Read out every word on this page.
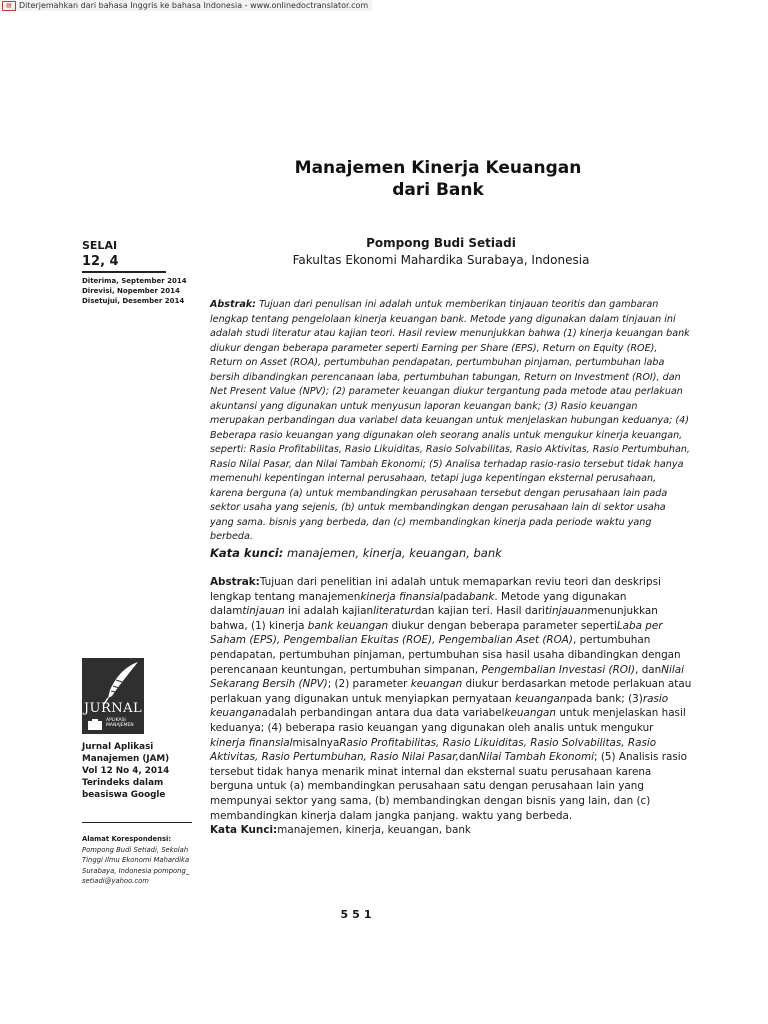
▤ Diterjemahkan dari bahasa Inggris ke bahasa Indonesia - www.onlinedoctranslator.com
Manajemen Kinerja Keuangan
dari Bank
Pompong Budi Setiadi
Fakultas Ekonomi Mahardika Surabaya, Indonesia
SELAI
12, 4
Diterima, September 2014
Direvisi, Nopember 2014
Disetujui, Desember 2014	Abstrak: Tujuan dari penulisan ini adalah untuk memberikan tinjauan teoritis dan gambaran lengkap tentang pengelolaan kinerja keuangan bank. Metode yang digunakan dalam tinjauan ini adalah studi literatur atau kajian teori. Hasil review menunjukkan bahwa (1) kinerja keuangan bank diukur dengan beberapa parameter seperti Earning per Share (EPS), Return on Equity (ROE), Return on Asset (ROA), pertumbuhan pendapatan, pertumbuhan pinjaman, pertumbuhan laba bersih dibandingkan perencanaan laba, pertumbuhan tabungan, Return on Investment (ROI), dan Net Present Value (NPV); (2) parameter keuangan diukur tergantung pada metode atau perlakuan akuntansi yang digunakan untuk menyusun laporan keuangan bank; (3) Rasio keuangan merupakan perbandingan dua variabel data keuangan untuk menjelaskan hubungan keduanya; (4) Beberapa rasio keuangan yang digunakan oleh seorang analis untuk mengukur kinerja keuangan, seperti: Rasio Profitabilitas, Rasio Likuiditas, Rasio Solvabilitas, Rasio Aktivitas, Rasio Pertumbuhan, Rasio Nilai Pasar, dan Nilai Tambah Ekonomi; (5) Analisa terhadap rasio-rasio tersebut tidak hanya memenuhi kepentingan internal perusahaan, tetapi juga kepentingan eksternal perusahaan, karena berguna (a) untuk membandingkan perusahaan tersebut dengan perusahaan lain pada sektor usaha yang sejenis, (b) untuk membandingkan dengan perusahaan lain di sektor usaha yang sama. bisnis yang berbeda, dan (c) membandingkan kinerja pada periode waktu yang berbeda.
Kata kunci: manajemen, kinerja, keuangan, bank
Abstrak:Tujuan dari penelitian ini adalah untuk memaparkan reviu teori dan deskripsi lengkap tentang manajemenkinerja finansialpadabank. Metode yang digunakan dalamtinjauan ini adalah kajianliteraturdan kajian teri. Hasil daritinjauanmenunjukkan bahwa, (1) kinerja bank keuangan diukur dengan beberapa parameter sepertiLaba per Saham (EPS), Pengembalian Ekuitas (ROE), Pengembalian Aset (ROA), pertumbuhan pendapatan, pertumbuhan pinjaman, pertumbuhan sisa hasil usaha dibandingkan dengan perencanaan keuntungan, pertumbuhan simpanan, Pengembalian Investasi (ROI), danNilai Sekarang Bersih (NPV); (2) parameter keuangan diukur berdasarkan metode perlakuan atau perlakuan yang digunakan untuk menyiapkan pernyataan keuanganpada bank; (3)rasio keuanganadalah perbandingan antara dua data variabelkeuangan untuk menjelaskan hasil keduanya; (4) beberapa rasio keuangan yang digunakan oleh analis untuk mengukur kinerja finansialmisalnyaRasio Profitabilitas, Rasio Likuiditas, Rasio Solvabilitas, Rasio Aktivitas, Rasio Pertumbuhan, Rasio Nilai Pasar,danNilai Tambah Ekonomi; (5) Analisis rasio tersebut tidak hanya menarik minat internal dan eksternal suatu perusahaan karena berguna untuk (a) membandingkan perusahaan satu dengan perusahaan lain yang mempunyai sektor yang sama, (b) membandingkan dengan bisnis yang lain, dan (c) membandingkan kinerja dalam jangka panjang. waktu yang berbeda.
Kata Kunci:manajemen, kinerja, keuangan, bank
JURNAL
APLIKASI
MANAJEMEN
Jurnal Aplikasi
Manajemen (JAM)
Vol 12 No 4, 2014
Terindeks dalam
beasiswa Google
Alamat Korespondensi:
Pompong Budi Setiadi, Sekolah Tinggi Ilmu Ekonomi Mahardika Surabaya, Indonesia pompong_ setiadi@yahoo.com
551
